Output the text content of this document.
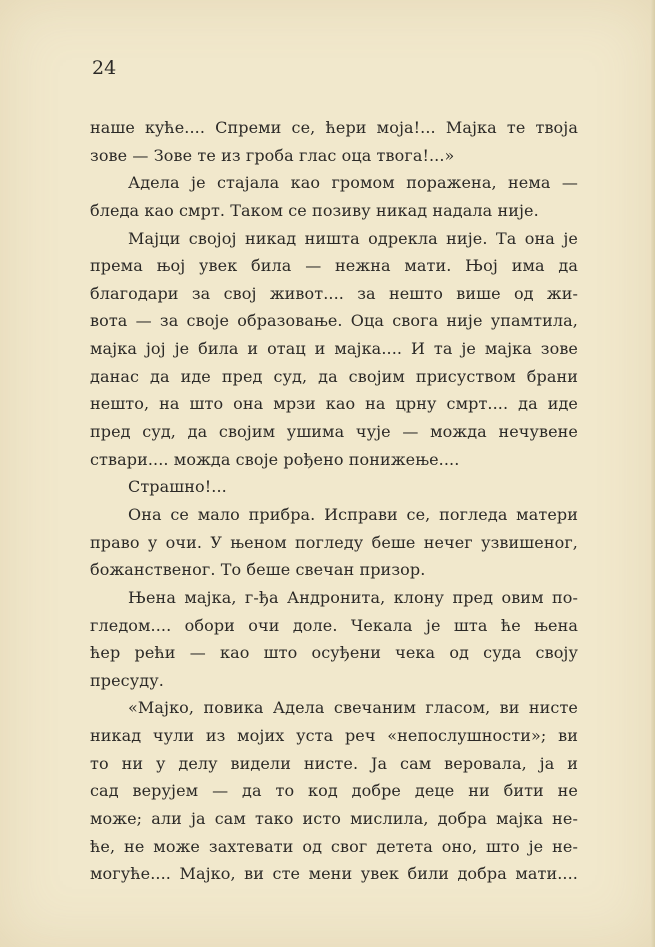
24
наше кyће.... Спреми се, ћери моја!... Мајка те твоја
зове — Зове те из гроба глас оца твога!...»
Адела је стајала као громом поражена, нема —
бледа као смрт. Таком се позиву никад надала није.
Мајци својој никад ништа одрекла није. Та она је
према њој увек била — нежна мати. Њој има да
благодари за свој живот.... за нешто више од жи-
вота — за своје образовање. Оца свога није упамтила,
мајка јој је била и отац и мајка.... И та је мајка зове
данас да иде пред суд, да својим присуством брани
нешто, на што она мрзи као на црну смрт.... да иде
пред суд, да својим ушима чује — можда нечувене
ствари.... можда своје рођено понижење....
Страшно!...
Она се мало прибра. Исправи се, погледа матери
право у очи. У њеном погледу беше нечег узвишеног,
божанственог. То беше свечан призор.
Њена мајка, г-ђа Андронита, клону пред овим по-
гледом.... обори очи доле. Чекала је шта ће њена
ћер рећи — као што осуђени чека од суда своју
пресуду.
«Мајко, повика Адела свечаним гласом, ви нисте
никад чули из мојих уста реч «непослушности»; ви
то ни у делу видели нисте. Ја сам веровала, ја и
сад верујем — да то код добре деце ни бити не
може; али ја сам тако исто мислила, добра мајка не-
ће, не може захтевати од свог детета оно, што је не-
могуће.... Мајко, ви сте мени увек били добра мати....
